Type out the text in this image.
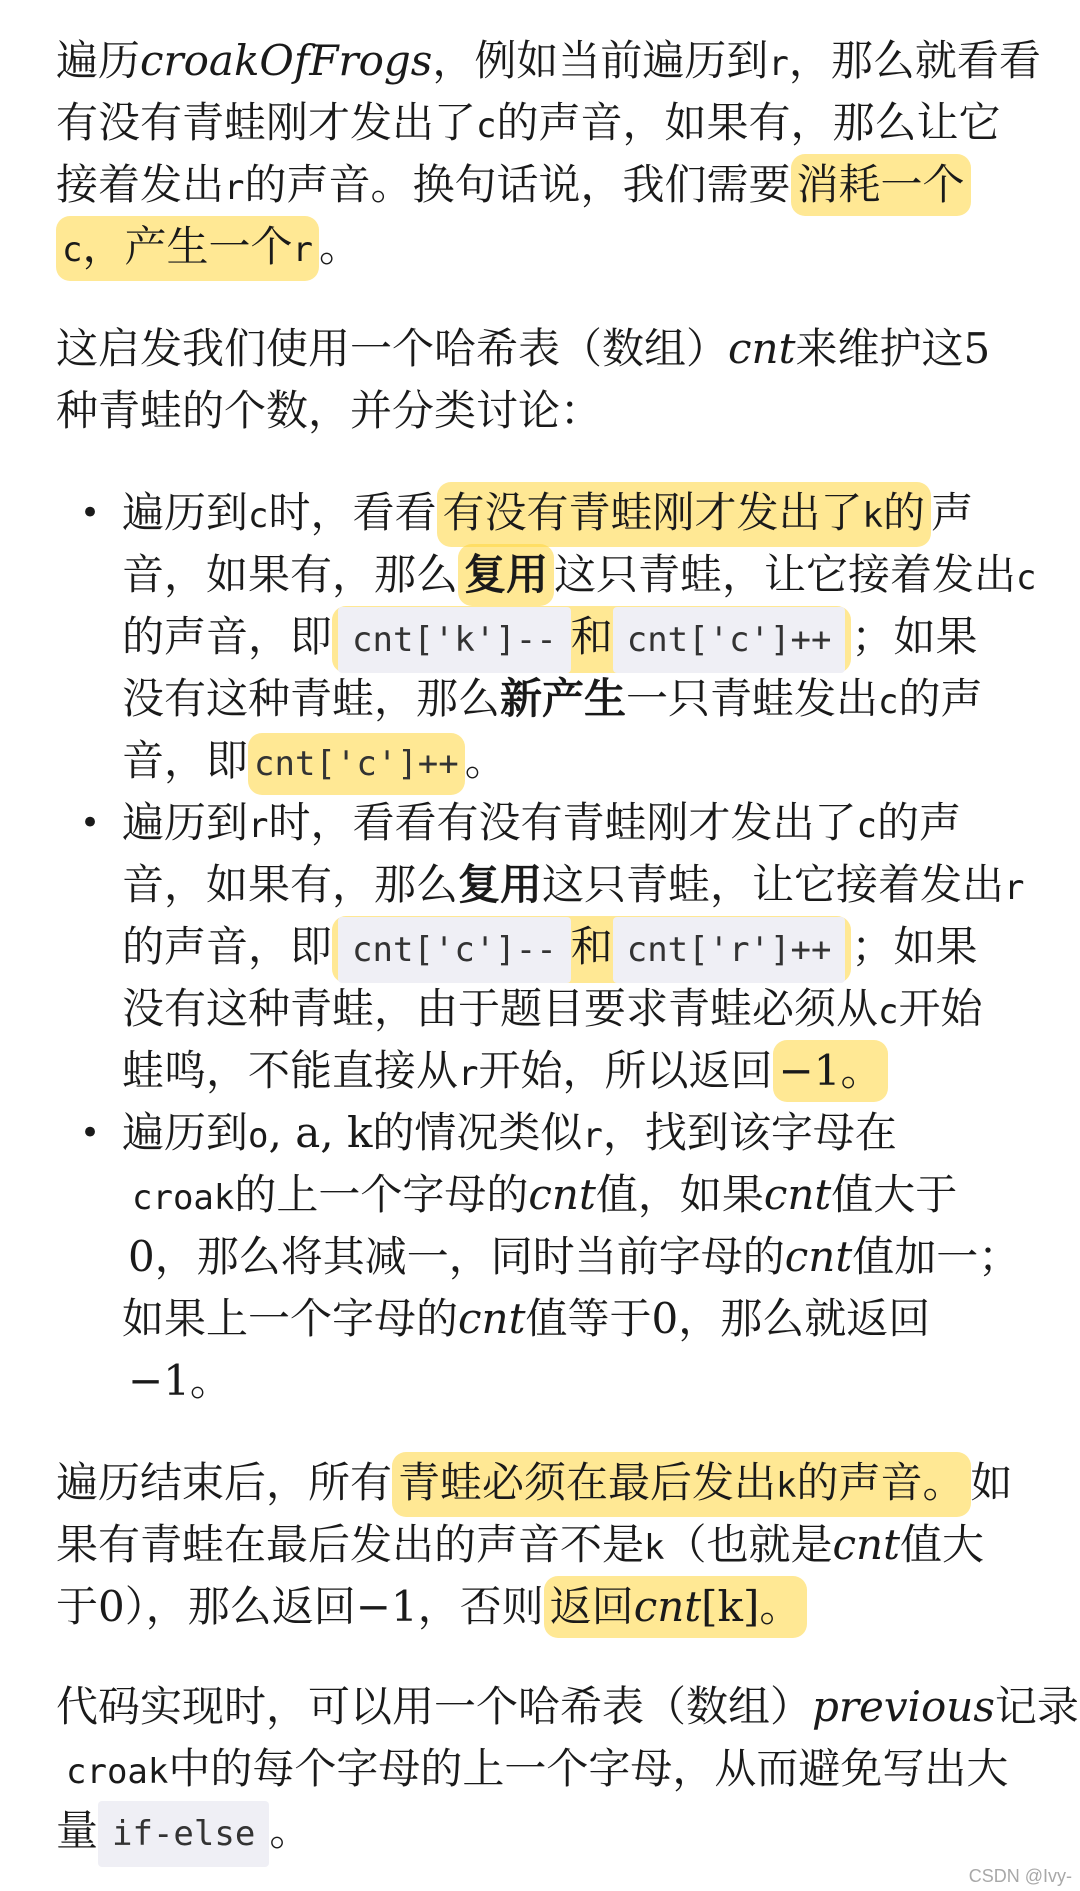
遍历croakOfFrogs，例如当前遍历到r，那么就看看
有没有青蛙刚才发出了c的声音，如果有，那么让它
接着发出r的声音。换句话说，我们需要 消耗一个
c，产生一个r 。
这启发我们使用一个哈希表（数组）cnt来维护这5
种青蛙的个数，并分类讨论：
• 遍历到c时，看看 有没有青蛙刚才发出了k的 声
音，如果有，那么 复用 这只青蛙，让它接着发出c
的声音，即cnt['k']--和cnt['c']++ ；如果
没有这种青蛙，那么新产生一只青蛙发出c的声
音，即cnt['c']++。
• 遍历到r时，看看有没有青蛙刚才发出了c的声
音，如果有，那么复用这只青蛙，让它接着发出r
的声音，即cnt['c']--和cnt['r']++ ；如果
没有这种青蛙，由于题目要求青蛙必须从c开始
蛙鸣，不能直接从r开始，所以返回−1。
• 遍历到o, a, k的情况类似r，找到该字母在
croak的上一个字母的cnt值，如果cnt值大于
0，那么将其减一，同时当前字母的cnt值加一；
如果上一个字母的cnt值等于0，那么就返回
−1。
遍历结束后，所有 青蛙必须在最后发出k的声音。 如
果有青蛙在最后发出的声音不是k（也就是cnt值大
于0），那么返回−1，否则 返回cnt[k]。
代码实现时，可以用一个哈希表（数组）previous记录
croak中的每个字母的上一个字母，从而避免写出大
量if-else。
CSDN @Ivy-
